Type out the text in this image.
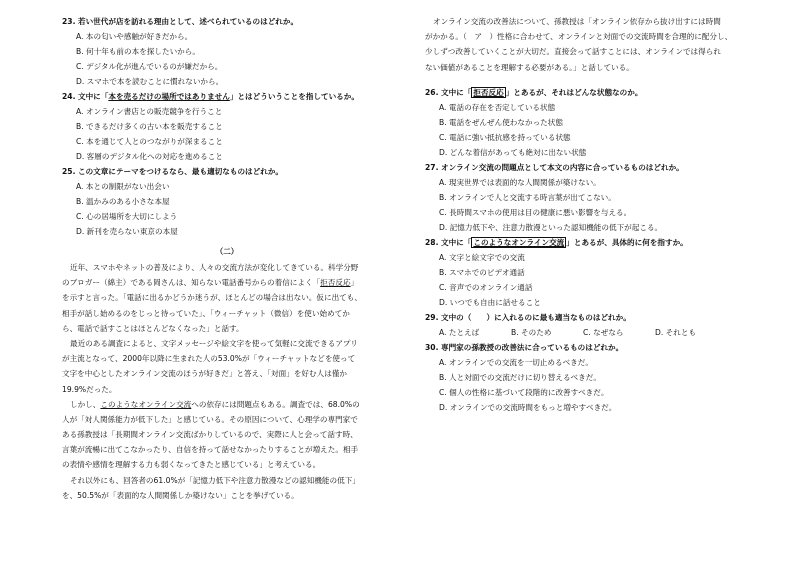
23. 若い世代が店を訪れる理由として、述べられているのはどれか。
A. 本の匂いや感触が好きだから。
B. 何十年も前の本を探したいから。
C. デジタル化が進んでいるのが嫌だから。
D. スマホで本を読むことに慣れないから。
24. 文中に「本を売るだけの場所ではありません」とはどういうことを指しているか。
A. オンライン書店との販売競争を行うこと
B. できるだけ多くの古い本を販売すること
C. 本を通じて人とのつながりが深まること
D. 客層のデジタル化への対応を進めること
25. この文章にテーマをつけるなら、最も適切なものはどれか。
A. 本との制限がない出会い
B. 温かみのある小さな本屋
C. 心の居場所を大切にしよう
D. 新刊を売らない東京の本屋
（二）
近年、スマホやネットの普及により、人々の交流方法が変化してきている。科学分野
のブロガー（綿主）である岡さんは、知らない電話番号からの着信によく「拒否反応」
を示すと言った。「電話に出るかどうか迷うが、ほとんどの場合は出ない。仮に出ても、
相手が話し始めるのをじっと待っていた」、「ウィーチャット（微信）を使い始めてか
ら、電話で話すことはほとんどなくなった」と話す。
最近のある調査によると、文字メッセージや絵文字を使って気軽に交流できるアプリ
が主流となって、2000年以降に生まれた人の53.0%が「ウィーチャットなどを使って
文字を中心としたオンライン交流のほうが好きだ」と答え、「対面」を好む人は僅か
19.9%だった。
しかし、このようなオンライン交流への依存には問題点もある。調査では、68.0%の
人が「対人関係能力が低下した」と感じている。その原因について、心理学の専門家で
ある孫教授は「長期間オンライン交流ばかりしているので、実際に人と会って話す時、
言葉が流暢に出てこなかったり、自信を持って話せなかったりすることが増えた。相手
の表情や感情を理解する力も弱くなってきたと感じている」と考えている。
それ以外にも、回答者の61.0%が「記憶力低下や注意力散漫などの認知機能の低下」
を、50.5%が「表面的な人間関係しか築けない」ことを挙げている。
オンライン交流の改善法について、孫教授は「オンライン依存から抜け出すには時間
がかかる。（　ア　）性格に合わせて、オンラインと対面での交流時間を合理的に配分し、
少しずつ改善していくことが大切だ。直接会って話すことには、オンラインでは得られ
ない価値があることを理解する必要がある。」と話している。
26. 文中に「 拒否反応 」とあるが、それはどんな状態なのか。
A. 電話の存在を否定している状態
B. 電話をぜんぜん使わなかった状態
C. 電話に強い抵抗感を持っている状態
D. どんな着信があっても絶対に出ない状態
27. オンライン交流の問題点として本文の内容に合っているものはどれか。
A. 現実世界では表面的な人間関係が築けない。
B. オンラインで人と交流する時言葉が出てこない。
C. 長時間スマホの使用は目の健康に悪い影響を与える。
D. 記憶力低下や、注意力散漫といった認知機能の低下が起こる。
28. 文中に「 このようなオンライン交流 」とあるが、具体的に何を指すか。
A. 文字と絵文字での交流
B. スマホでのビデオ通話
C. 音声でのオンライン通話
D. いつでも自由に話せること
29. 文中の（　　）に入れるのに最も適当なものはどれか。
A. たとえば	B. そのため	C. なぜなら	D. それとも
30. 専門家の孫教授の改善法に合っているものはどれか。
A. オンラインでの交流を一切止めるべきだ。
B. 人と対面での交流だけに切り替えるべきだ。
C. 個人の性格に基づいて段階的に改善すべきだ。
D. オンラインでの交流時間をもっと増やすべきだ。
